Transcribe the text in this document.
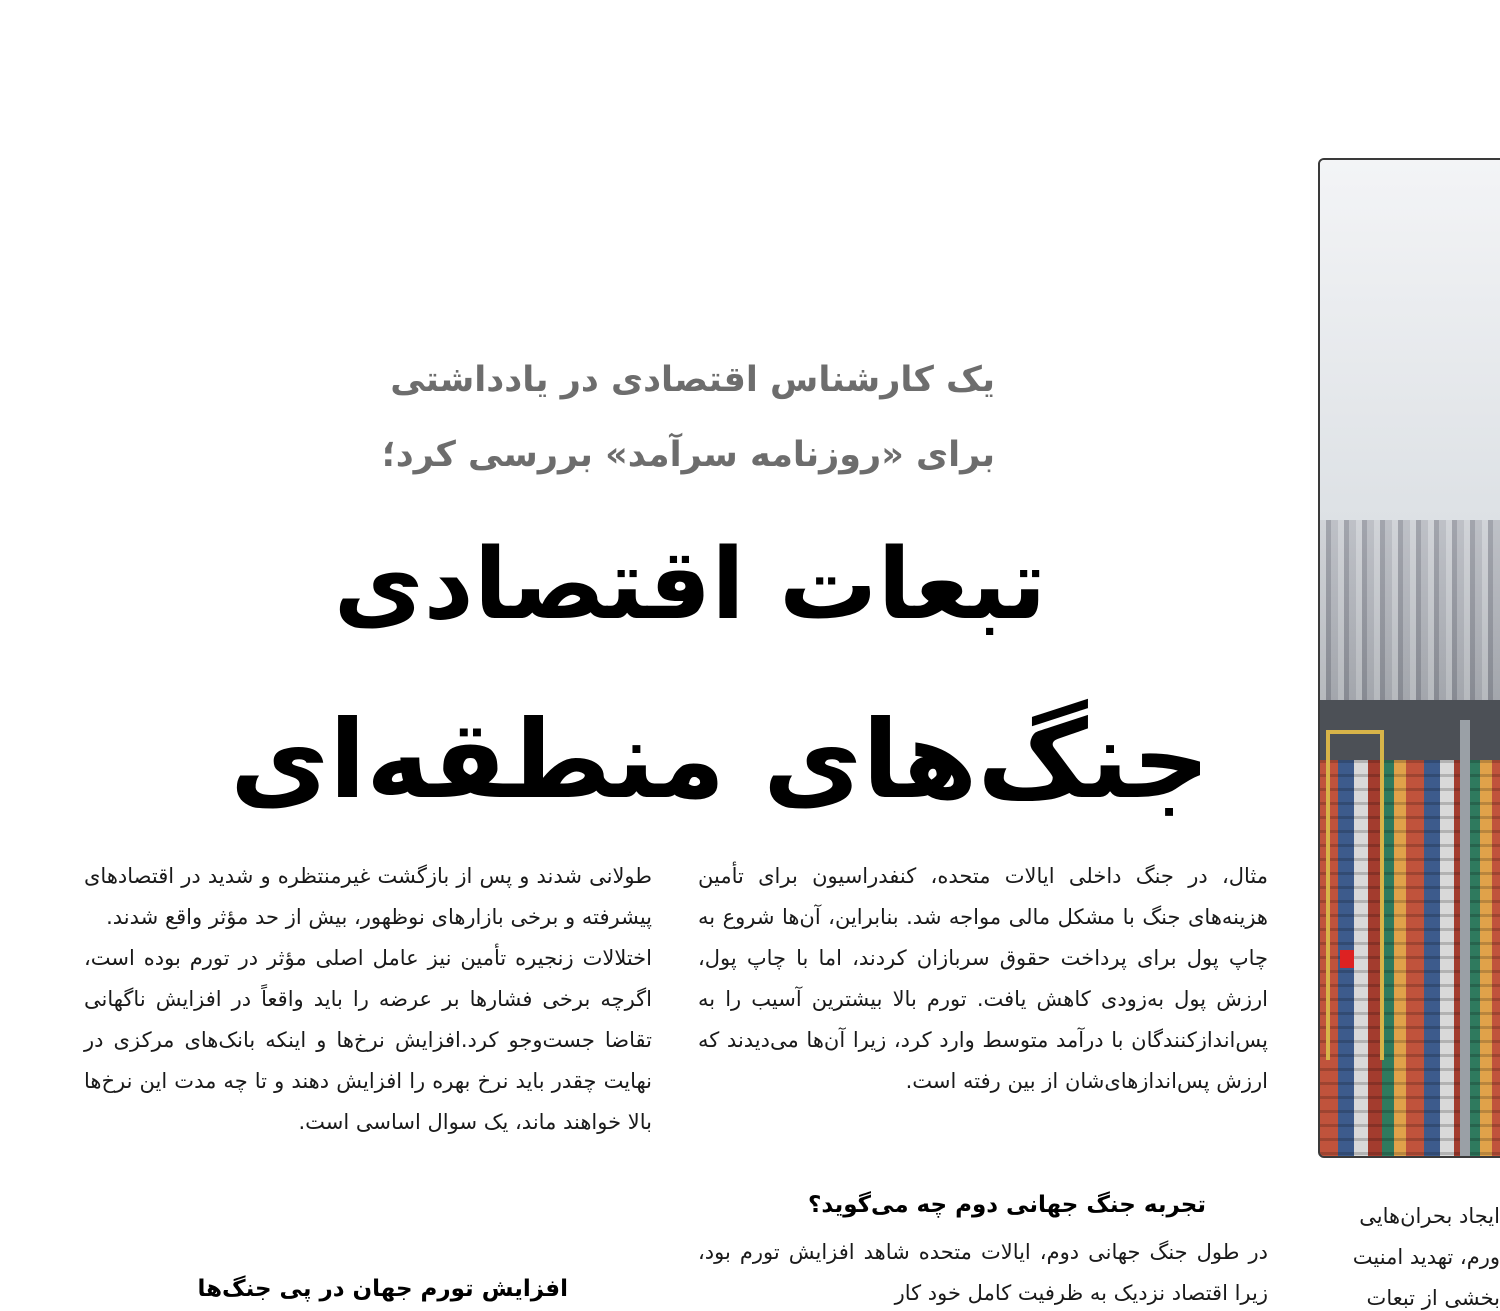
یک کارشناس اقتصادی در یادداشتی
برای «روزنامه سرآمد» بررسی کرد؛
تبعات اقتصادی
جنگ‌های منطقه‌ای

مثال، در جنگ داخلی ایالات متحده، کنفدراسیون برای تأمین هزینه‌های جنگ با مشکل مالی مواجه شد. بنابراین، آن‌ها شروع به چاپ پول برای پرداخت حقوق سربازان کردند، اما با چاپ پول، ارزش پول به‌زودی کاهش یافت. تورم بالا بیشترین آسیب را به پس‌اندازکنندگان با درآمد متوسط وارد کرد، زیرا آن‌ها می‌دیدند که ارزش پس‌اندازهای‌شان از بین رفته است.

تجربه جنگ جهانی دوم چه می‌گوید؟

در طول جنگ جهانی دوم، ایالات متحده شاهد افزایش تورم بود، زیرا اقتصاد نزدیک به ظرفیت کامل خود کار

طولانی شدند و پس از بازگشت غیرمنتظره و شدید در اقتصادهای پیشرفته و برخی بازارهای نوظهور، بیش از حد مؤثر واقع شدند.

اختلالات زنجیره تأمین نیز عامل اصلی مؤثر در تورم بوده است، اگرچه برخی فشارها بر عرضه را باید واقعاً در افزایش ناگهانی تقاضا جست‌وجو کرد.افزایش نرخ‌ها و اینکه بانک‌های مرکزی در نهایت چقدر باید نرخ بهره را افزایش دهند و تا چه مدت این نرخ‌ها بالا خواهند ماند، یک سوال اساسی است.

افزایش تورم جهان در پی جنگ‌ها

ایجاد بحران‌هایی ورم، تهدید امنیت بخشی از تبعات
